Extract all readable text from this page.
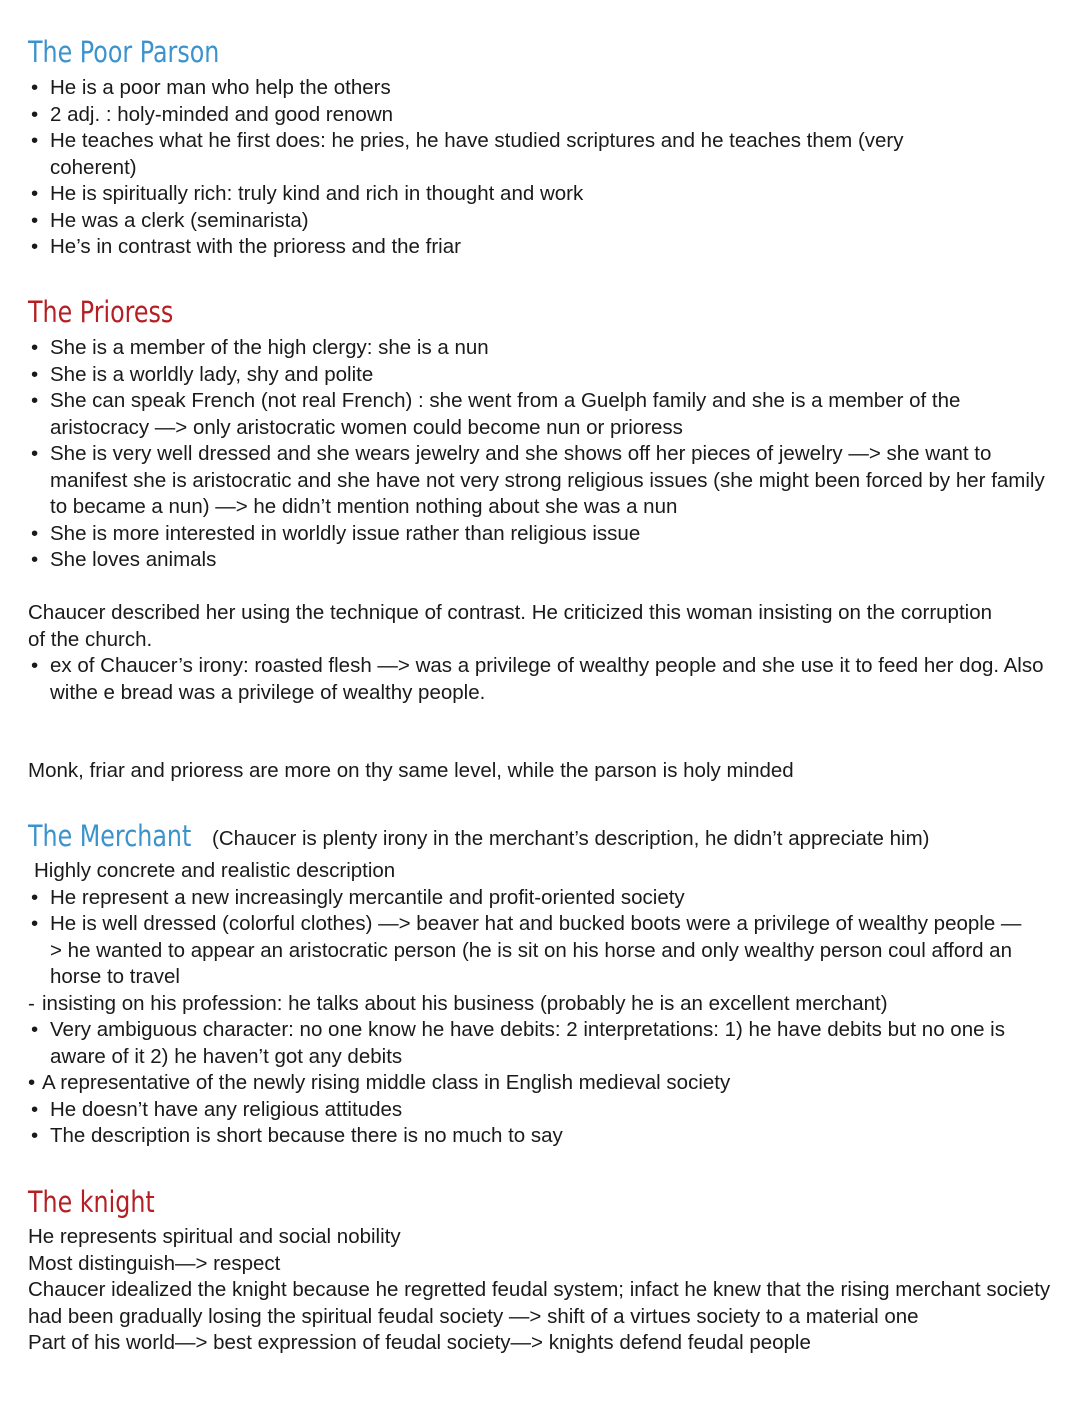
The Poor Parson
• He is a poor man who help the others
• 2 adj. : holy-minded and good renown
• He teaches what he first does: he pries, he have studied scriptures and he teaches them (very coherent)
• He is spiritually rich: truly kind and rich in thought and work
• He was a clerk (seminarista)
• He’s in contrast with the prioress and the friar
The Prioress
• She is a member of the high clergy: she is a nun
• She is a worldly lady, shy and polite
• She can speak French (not real French) : she went from a Guelph family and she is a member of the aristocracy —> only aristocratic women could become nun or prioress
• She is very well dressed and she wears jewelry and she shows off her pieces of jewelry —> she want to manifest she is aristocratic and she have not very strong religious issues (she might been forced by her family to became a nun) —> he didn’t mention nothing about she was a nun
• She is more interested in worldly issue rather than religious issue
• She loves animals

Chaucer described her using the technique of contrast. He criticized this woman insisting on the corruption of the church.

• ex of Chaucer’s irony: roasted flesh —> was a privilege of wealthy people and she use it to feed her dog. Also withe e bread was a privilege of wealthy people.

Monk, friar and prioress are more on thy same level, while the parson is holy minded

The Merchant (Chaucer is plenty irony in the merchant’s description, he didn’t appreciate him)

Highly concrete and realistic description

• He represent a new increasingly mercantile and profit-oriented society
• He is well dressed (colorful clothes) —> beaver hat and bucked boots were a privilege of wealthy people —> he wanted to appear an aristocratic person (he is sit on his horse and only wealthy person coul afford an horse to travel

- insisting on his profession: he talks about his business (probably he is an excellent merchant)

• Very ambiguous character: no one know he have debits: 2 interpretations: 1) he have debits but no one is aware of it 2) he haven’t got any debits

• A representative of the newly rising middle class in English medieval society

• He doesn’t have any religious attitudes
• The description is short because there is no much to say
The knight

He represents spiritual and social nobility

Most distinguish—> respect

Chaucer idealized the knight because he regretted feudal system; infact he knew that the rising merchant society had been gradually losing the spiritual feudal society —> shift of a virtues society to a material one

Part of his world—> best expression of feudal society—> knights defend feudal people
